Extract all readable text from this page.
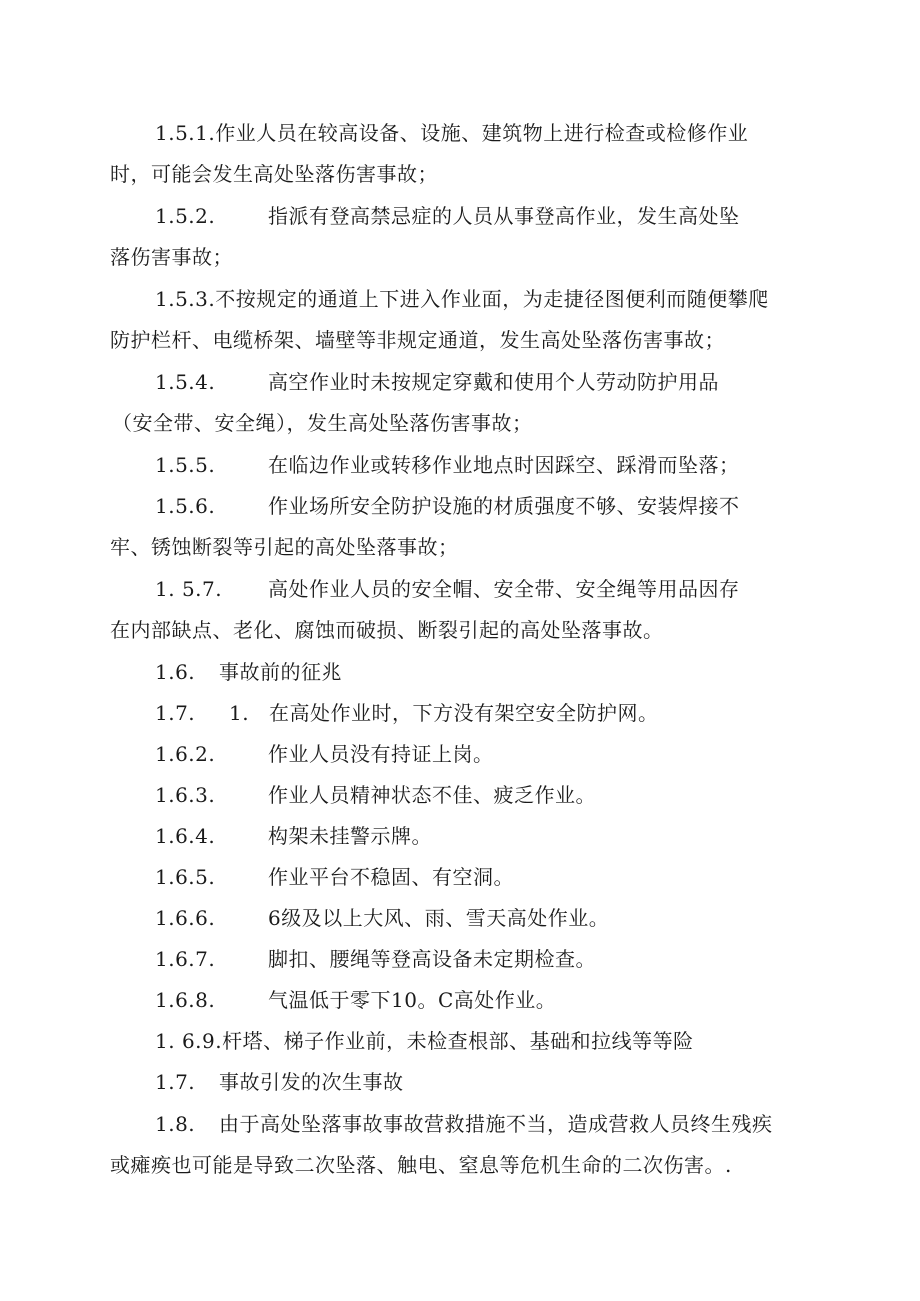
1.5.1.作业人员在较高设备、设施、建筑物上进行检查或检修作业
时，可能会发生高处坠落伤害事故；
1.5.2.	指派有登高禁忌症的人员从事登高作业，发生高处坠
落伤害事故；
1.5.3.不按规定的通道上下进入作业面，为走捷径图便利而随便攀爬
防护栏杆、电缆桥架、墙壁等非规定通道，发生高处坠落伤害事故；
1.5.4.	高空作业时未按规定穿戴和使用个人劳动防护用品
（安全带、安全绳），发生高处坠落伤害事故；
1.5.5.	在临边作业或转移作业地点时因踩空、踩滑而坠落；
1.5.6.	作业场所安全防护设施的材质强度不够、安装焊接不
牢、锈蚀断裂等引起的高处坠落事故；
1. 5.7. 高处作业人员的安全帽、安全带、安全绳等用品因存
在内部缺点、老化、腐蚀而破损、断裂引起的高处坠落事故。
1.6. 事故前的征兆
1.7. 1. 在高处作业时，下方没有架空安全防护网。
1.6.2.	作业人员没有持证上岗。
1.6.3.	作业人员精神状态不佳、疲乏作业。
1.6.4.	构架未挂警示牌。
1.6.5.	作业平台不稳固、有空洞。
1.6.6.	6级及以上大风、雨、雪天高处作业。
1.6.7.	脚扣、腰绳等登高设备未定期检查。
1.6.8.	气温低于零下10。C高处作业。
1. 6.9.杆塔、梯子作业前，未检查根部、基础和拉线等等险
1.7. 事故引发的次生事故
1.8. 由于高处坠落事故事故营救措施不当，造成营救人员终生残疾
或瘫痪也可能是导致二次坠落、触电、窒息等危机生命的二次伤害。.
